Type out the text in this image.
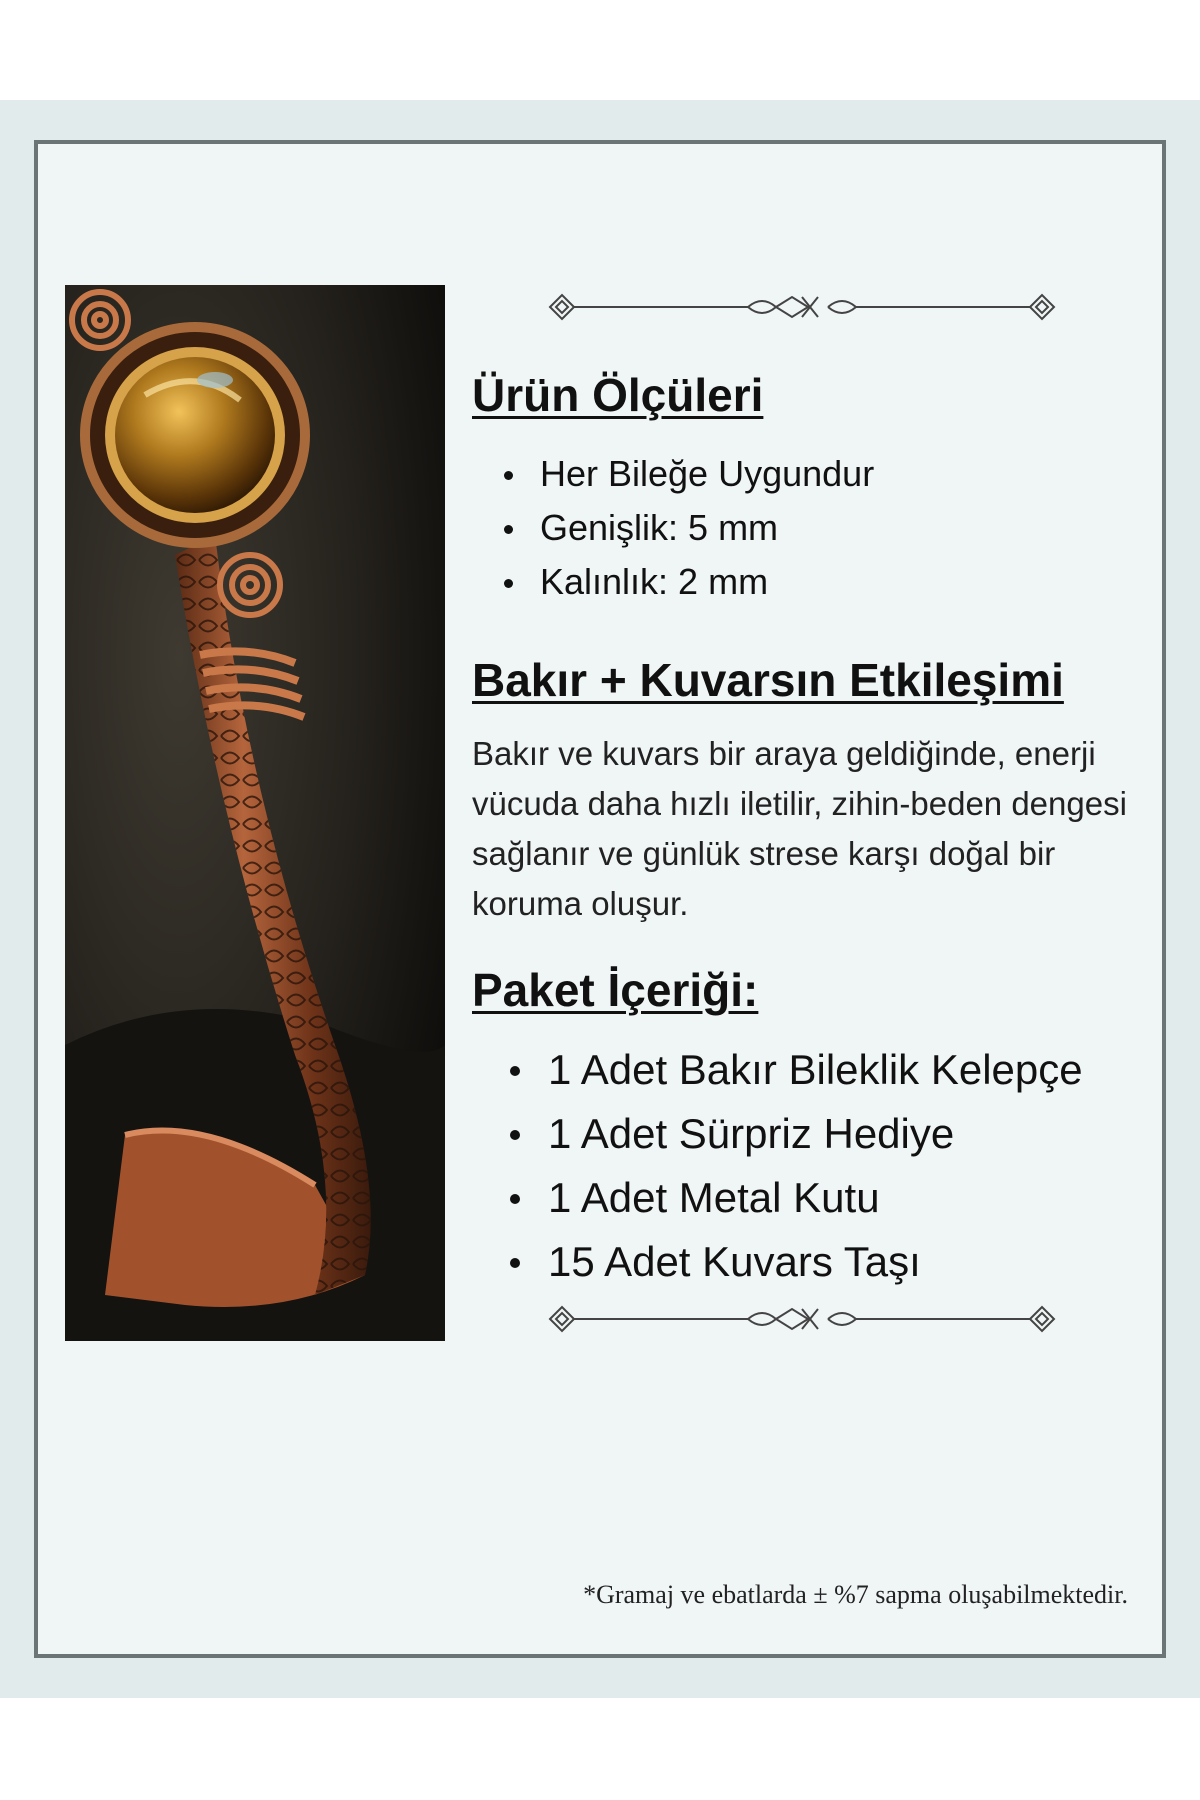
Ürün Ölçüleri
Her Bileğe Uygundur
Genişlik: 5 mm
Kalınlık: 2 mm
Bakır + Kuvarsın Etkileşimi

Bakır ve kuvars bir araya geldiğinde, enerji vücuda daha hızlı iletilir, zihin-beden dengesi sağlanır ve günlük strese karşı doğal bir koruma oluşur.

Paket İçeriği:
1 Adet Bakır Bileklik Kelepçe
1 Adet Sürpriz Hediye
1 Adet Metal Kutu
15 Adet Kuvars Taşı
*Gramaj ve ebatlarda ± %7 sapma oluşabilmektedir.
